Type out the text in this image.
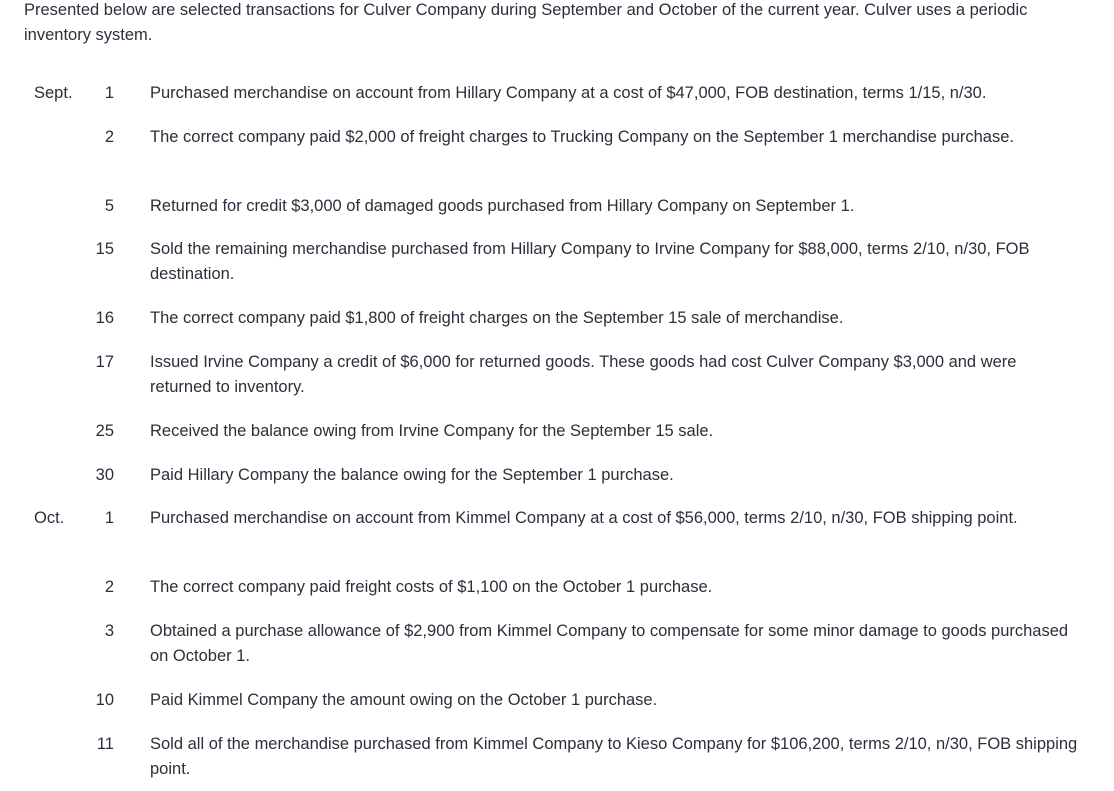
Presented below are selected transactions for Culver Company during September and October of the current year. Culver uses a periodic inventory system.
Sept.	1 Purchased merchandise on account from Hillary Company at a cost of $47,000, FOB destination, terms 1/15, n/30.
2 The correct company paid $2,000 of freight charges to Trucking Company on the September 1 merchandise purchase.
5 Returned for credit $3,000 of damaged goods purchased from Hillary Company on September 1.
15 Sold the remaining merchandise purchased from Hillary Company to Irvine Company for $88,000, terms 2/10, n/30, FOB destination.
16 The correct company paid $1,800 of freight charges on the September 15 sale of merchandise.
17 Issued Irvine Company a credit of $6,000 for returned goods. These goods had cost Culver Company $3,000 and were returned to inventory.
25 Received the balance owing from Irvine Company for the September 15 sale.
30 Paid Hillary Company the balance owing for the September 1 purchase.
Oct.	1 Purchased merchandise on account from Kimmel Company at a cost of $56,000, terms 2/10, n/30, FOB shipping point.
2 The correct company paid freight costs of $1,100 on the October 1 purchase.
3 Obtained a purchase allowance of $2,900 from Kimmel Company to compensate for some minor damage to goods purchased on October 1.
10 Paid Kimmel Company the amount owing on the October 1 purchase.
11 Sold all of the merchandise purchased from Kimmel Company to Kieso Company for $106,200, terms 2/10, n/30, FOB shipping point.
